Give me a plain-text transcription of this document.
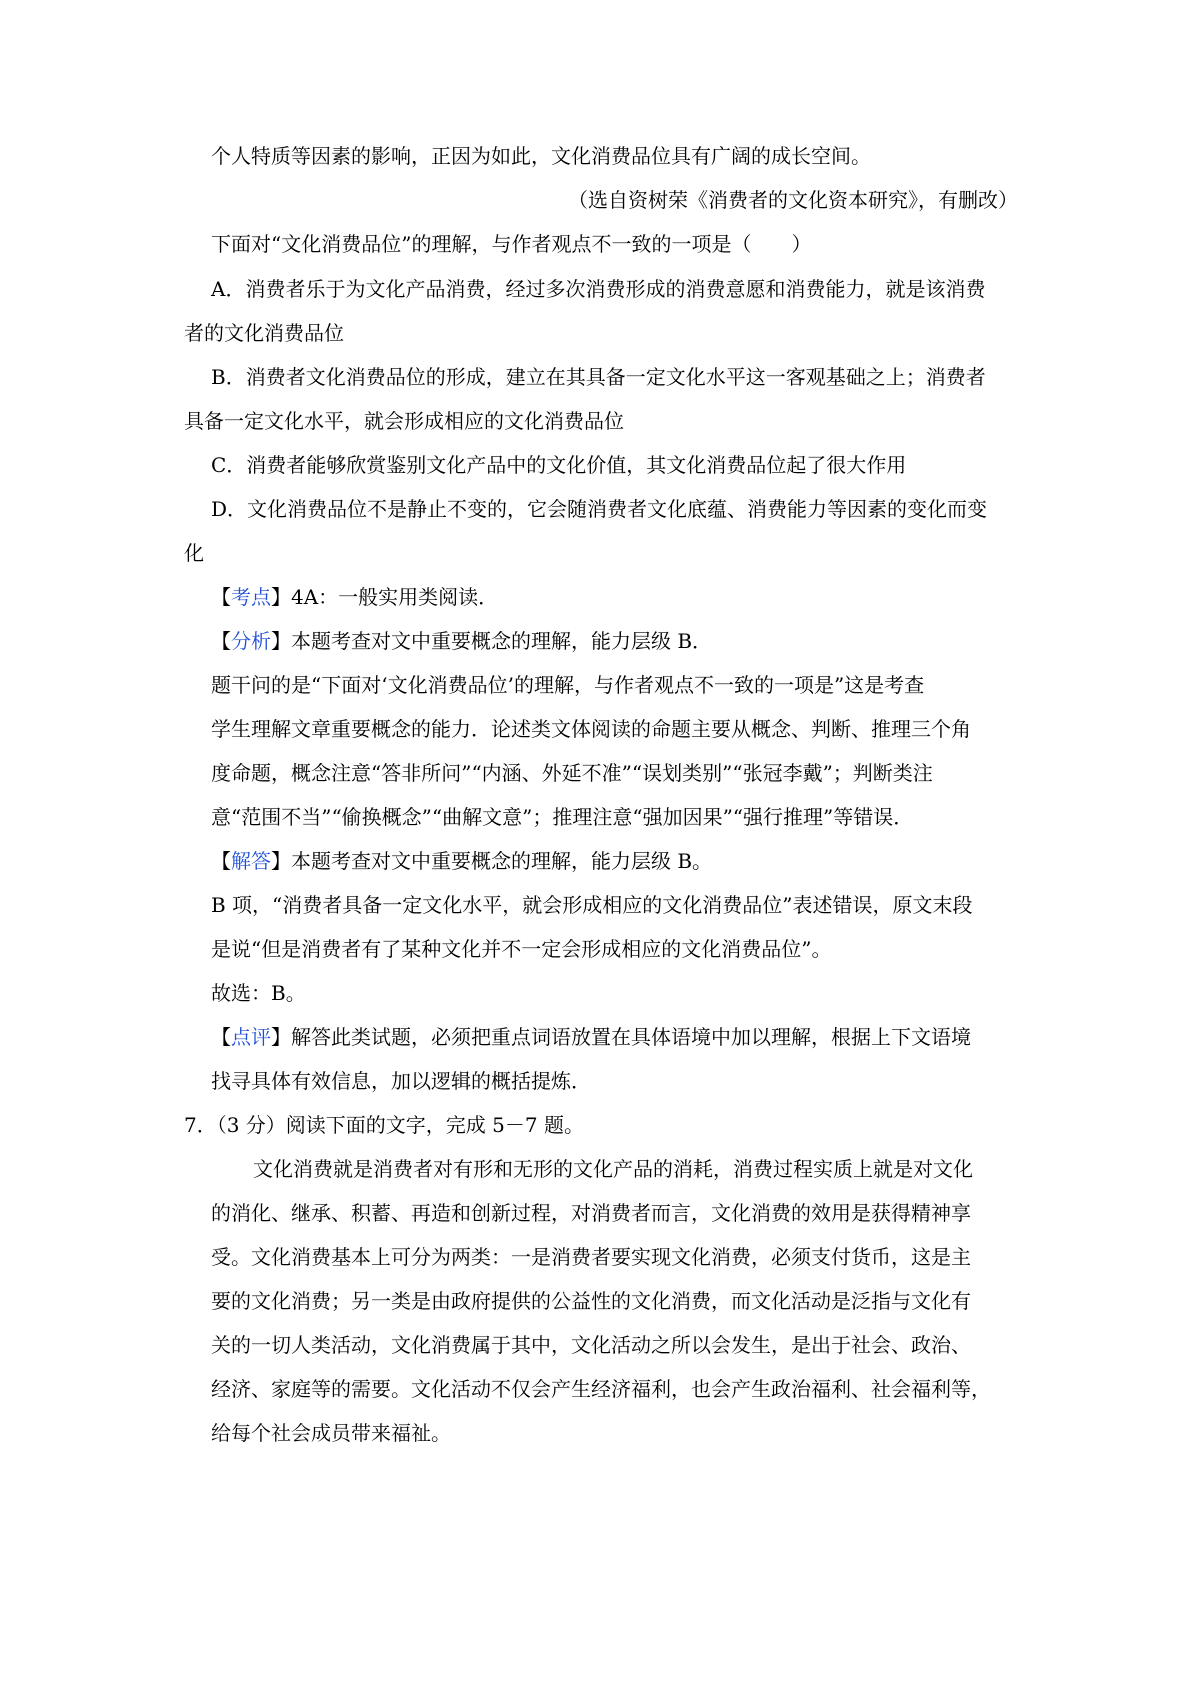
个人特质等因素的影响，正因为如此，文化消费品位具有广阔的成长空间。
（选自资树荣《消费者的文化资本研究》，有删改）
下面对“文化消费品位”的理解，与作者观点不一致的一项是（　　）
A．消费者乐于为文化产品消费，经过多次消费形成的消费意愿和消费能力，就是该消费
者的文化消费品位
B．消费者文化消费品位的形成，建立在其具备一定文化水平这一客观基础之上；消费者
具备一定文化水平，就会形成相应的文化消费品位
C．消费者能够欣赏鉴别文化产品中的文化价值，其文化消费品位起了很大作用
D．文化消费品位不是静止不变的，它会随消费者文化底蕴、消费能力等因素的变化而变
化
【考点】4A：一般实用类阅读．
【分析】本题考查对文中重要概念的理解，能力层级 B．
题干问的是“下面对‘文化消费品位’的理解，与作者观点不一致的一项是”这是考查
学生理解文章重要概念的能力．论述类文体阅读的命题主要从概念、判断、推理三个角
度命题，概念注意“答非所问”“内涵、外延不准”“误划类别”“张冠李戴”；判断类注
意“范围不当”“偷换概念”“曲解文意”；推理注意“强加因果”“强行推理”等错误．
【解答】本题考查对文中重要概念的理解，能力层级 B。
B 项，“消费者具备一定文化水平，就会形成相应的文化消费品位”表述错误，原文末段
是说“但是消费者有了某种文化并不一定会形成相应的文化消费品位”。
故选：B。
【点评】解答此类试题，必须把重点词语放置在具体语境中加以理解，根据上下文语境
找寻具体有效信息，加以逻辑的概括提炼．
7．（3 分）阅读下面的文字，完成 5－7 题。
文化消费就是消费者对有形和无形的文化产品的消耗，消费过程实质上就是对文化
的消化、继承、积蓄、再造和创新过程，对消费者而言，文化消费的效用是获得精神享
受。文化消费基本上可分为两类：一是消费者要实现文化消费，必须支付货币，这是主
要的文化消费；另一类是由政府提供的公益性的文化消费，而文化活动是泛指与文化有
关的一切人类活动，文化消费属于其中，文化活动之所以会发生，是出于社会、政治、
经济、家庭等的需要。文化活动不仅会产生经济福利，也会产生政治福利、社会福利等，
给每个社会成员带来福祉。
